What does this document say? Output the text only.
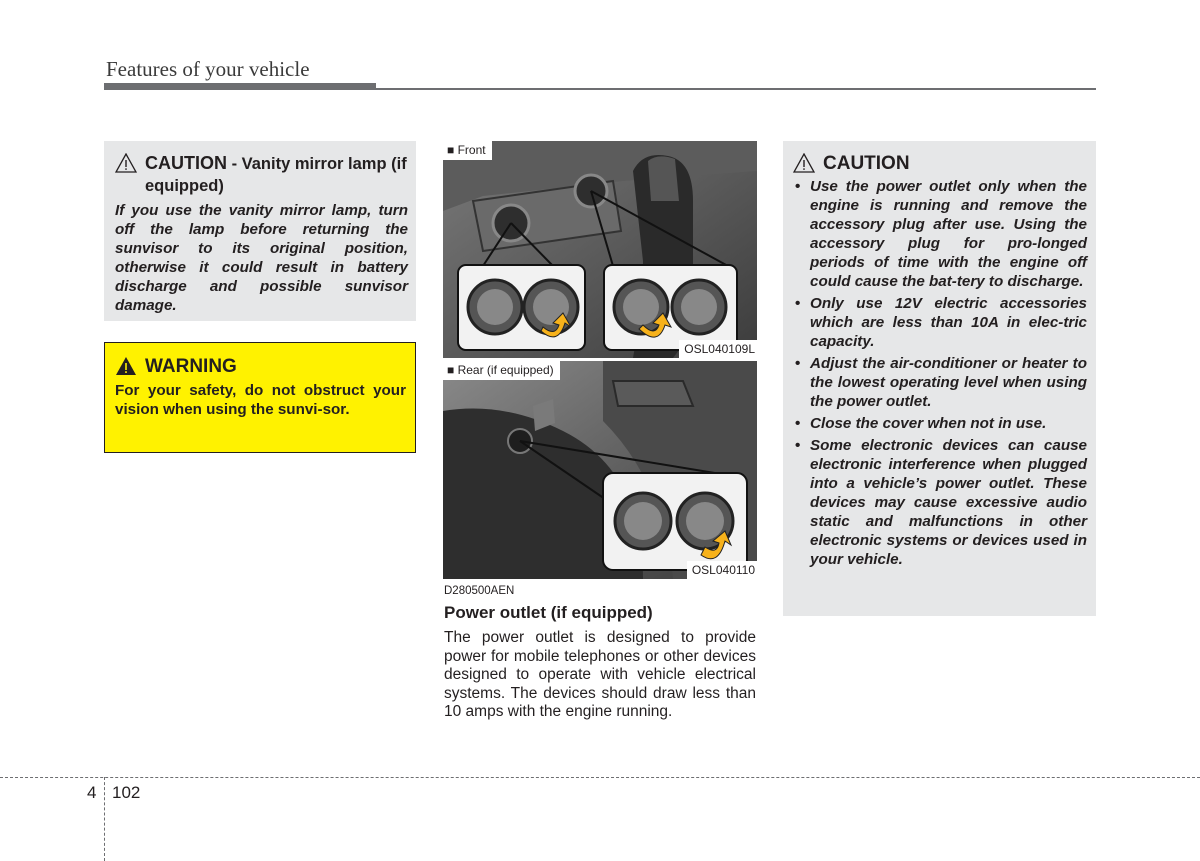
Features of your vehicle
CAUTION - Vanity mirror lamp (if equipped)
If you use the vanity mirror lamp, turn off the lamp before returning the sunvisor to its original position, otherwise it could result in battery discharge and possible sunvisor damage.
WARNING
For your safety, do not obstruct your vision when using the sunvi-sor.
■ Front
OSL040109L
■ Rear (if equipped)
OSL040110
D280500AEN
Power outlet (if equipped)
The power outlet is designed to provide power for mobile telephones or other devices designed to operate with vehicle electrical systems. The devices should draw less than 10 amps with the engine running.
CAUTION
• Use the power outlet only when the engine is running and remove the accessory plug after use. Using the accessory plug for pro-longed periods of time with the engine off could cause the bat-tery to discharge.
• Only use 12V electric accessories which are less than 10A in elec-tric capacity.
• Adjust the air-conditioner or heater to the lowest operating level when using the power outlet.
• Close the cover when not in use.
• Some electronic devices can cause electronic interference when plugged into a vehicle’s power outlet. These devices may cause excessive audio static and malfunctions in other electronic systems or devices used in your vehicle.
4 102
